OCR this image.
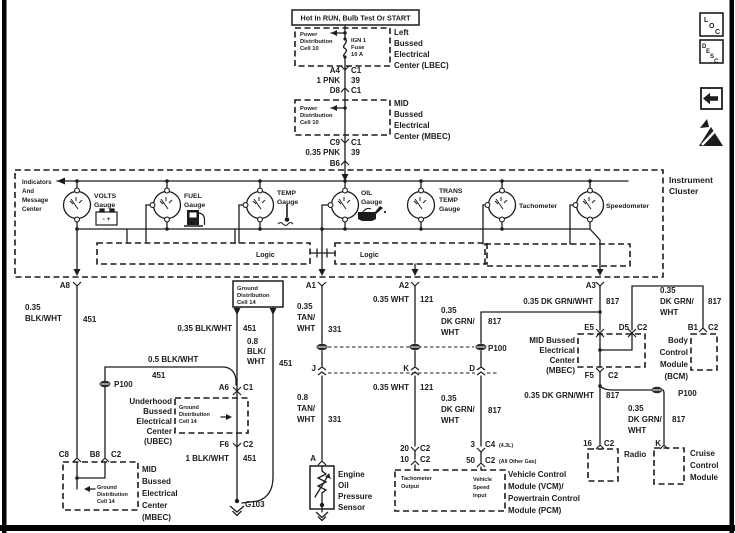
Hot In RUN, Bulb Test Or START
Power
Distribution
Cell 10
IGN 1
Fuse
10 A
Left
Bussed
Electrical
Center (LBEC)
A4 C1
1 PNK 39
D8 C1
Power
Distribution
Cell 10
MID
Bussed
Electrical
Center (MBEC)
C9 C1
0.35 PNK 39
B6
Indicators
And
Message
Center
Instrument
Cluster
VOLTS
Gauge
FUEL
Gauge
TEMP
Gauge
OIL
Gauge
TRANS
TEMP
Gauge	Tachometer	Speedometer
- +
Logic	Logic
A8
0.35
BLK/WHT	451
Ground
Distribution
Cell 14
0.35 BLK/WHT 451
0.8
BLK/
WHT 451
0.5 BLK/WHT
451
P100	A6 C1
Underhood
Bussed
Electrical
Center
(UBEC)
Ground
Distribution
Cell 14
F6 C2
1 BLK/WHT 451
G103
C8	B8 C2
Ground
Distribution
Cell 14
MID
Bussed
Electrical
Center
(MBEC)
A1
0.35
TAN/
WHT 331
P100
J
0.8
TAN/
WHT 331
A
Engine
Oil
Pressure
Sensor
A2
0.35 WHT 121
K
0.35 WHT 121
20 C2
10 C2
Tachometer
Output
0.35
DK GRN/
WHT
817
D
0.35
DK GRN/
WHT
817
3 C4 (4.3L)
50 C2 (All Other Gas)
Vehicle
Speed
Input
Vehicle Control
Module (VCM)/
Powertrain Control
Module (PCM)
A3
0.35 DK GRN/WHT 817
0.35
DK GRN/
WHT
817
E5	D5 C2	B1 C2
MID Bussed
Electrical
Center
(MBEC)
Body
Control
Module
(BCM)
F5 C2
0.35 DK GRN/WHT 817	P100
0.35
DK GRN/
WHT
817
16 C2
Radio
K
Cruise
Control
Module
L
O
C
D
E
S
C
